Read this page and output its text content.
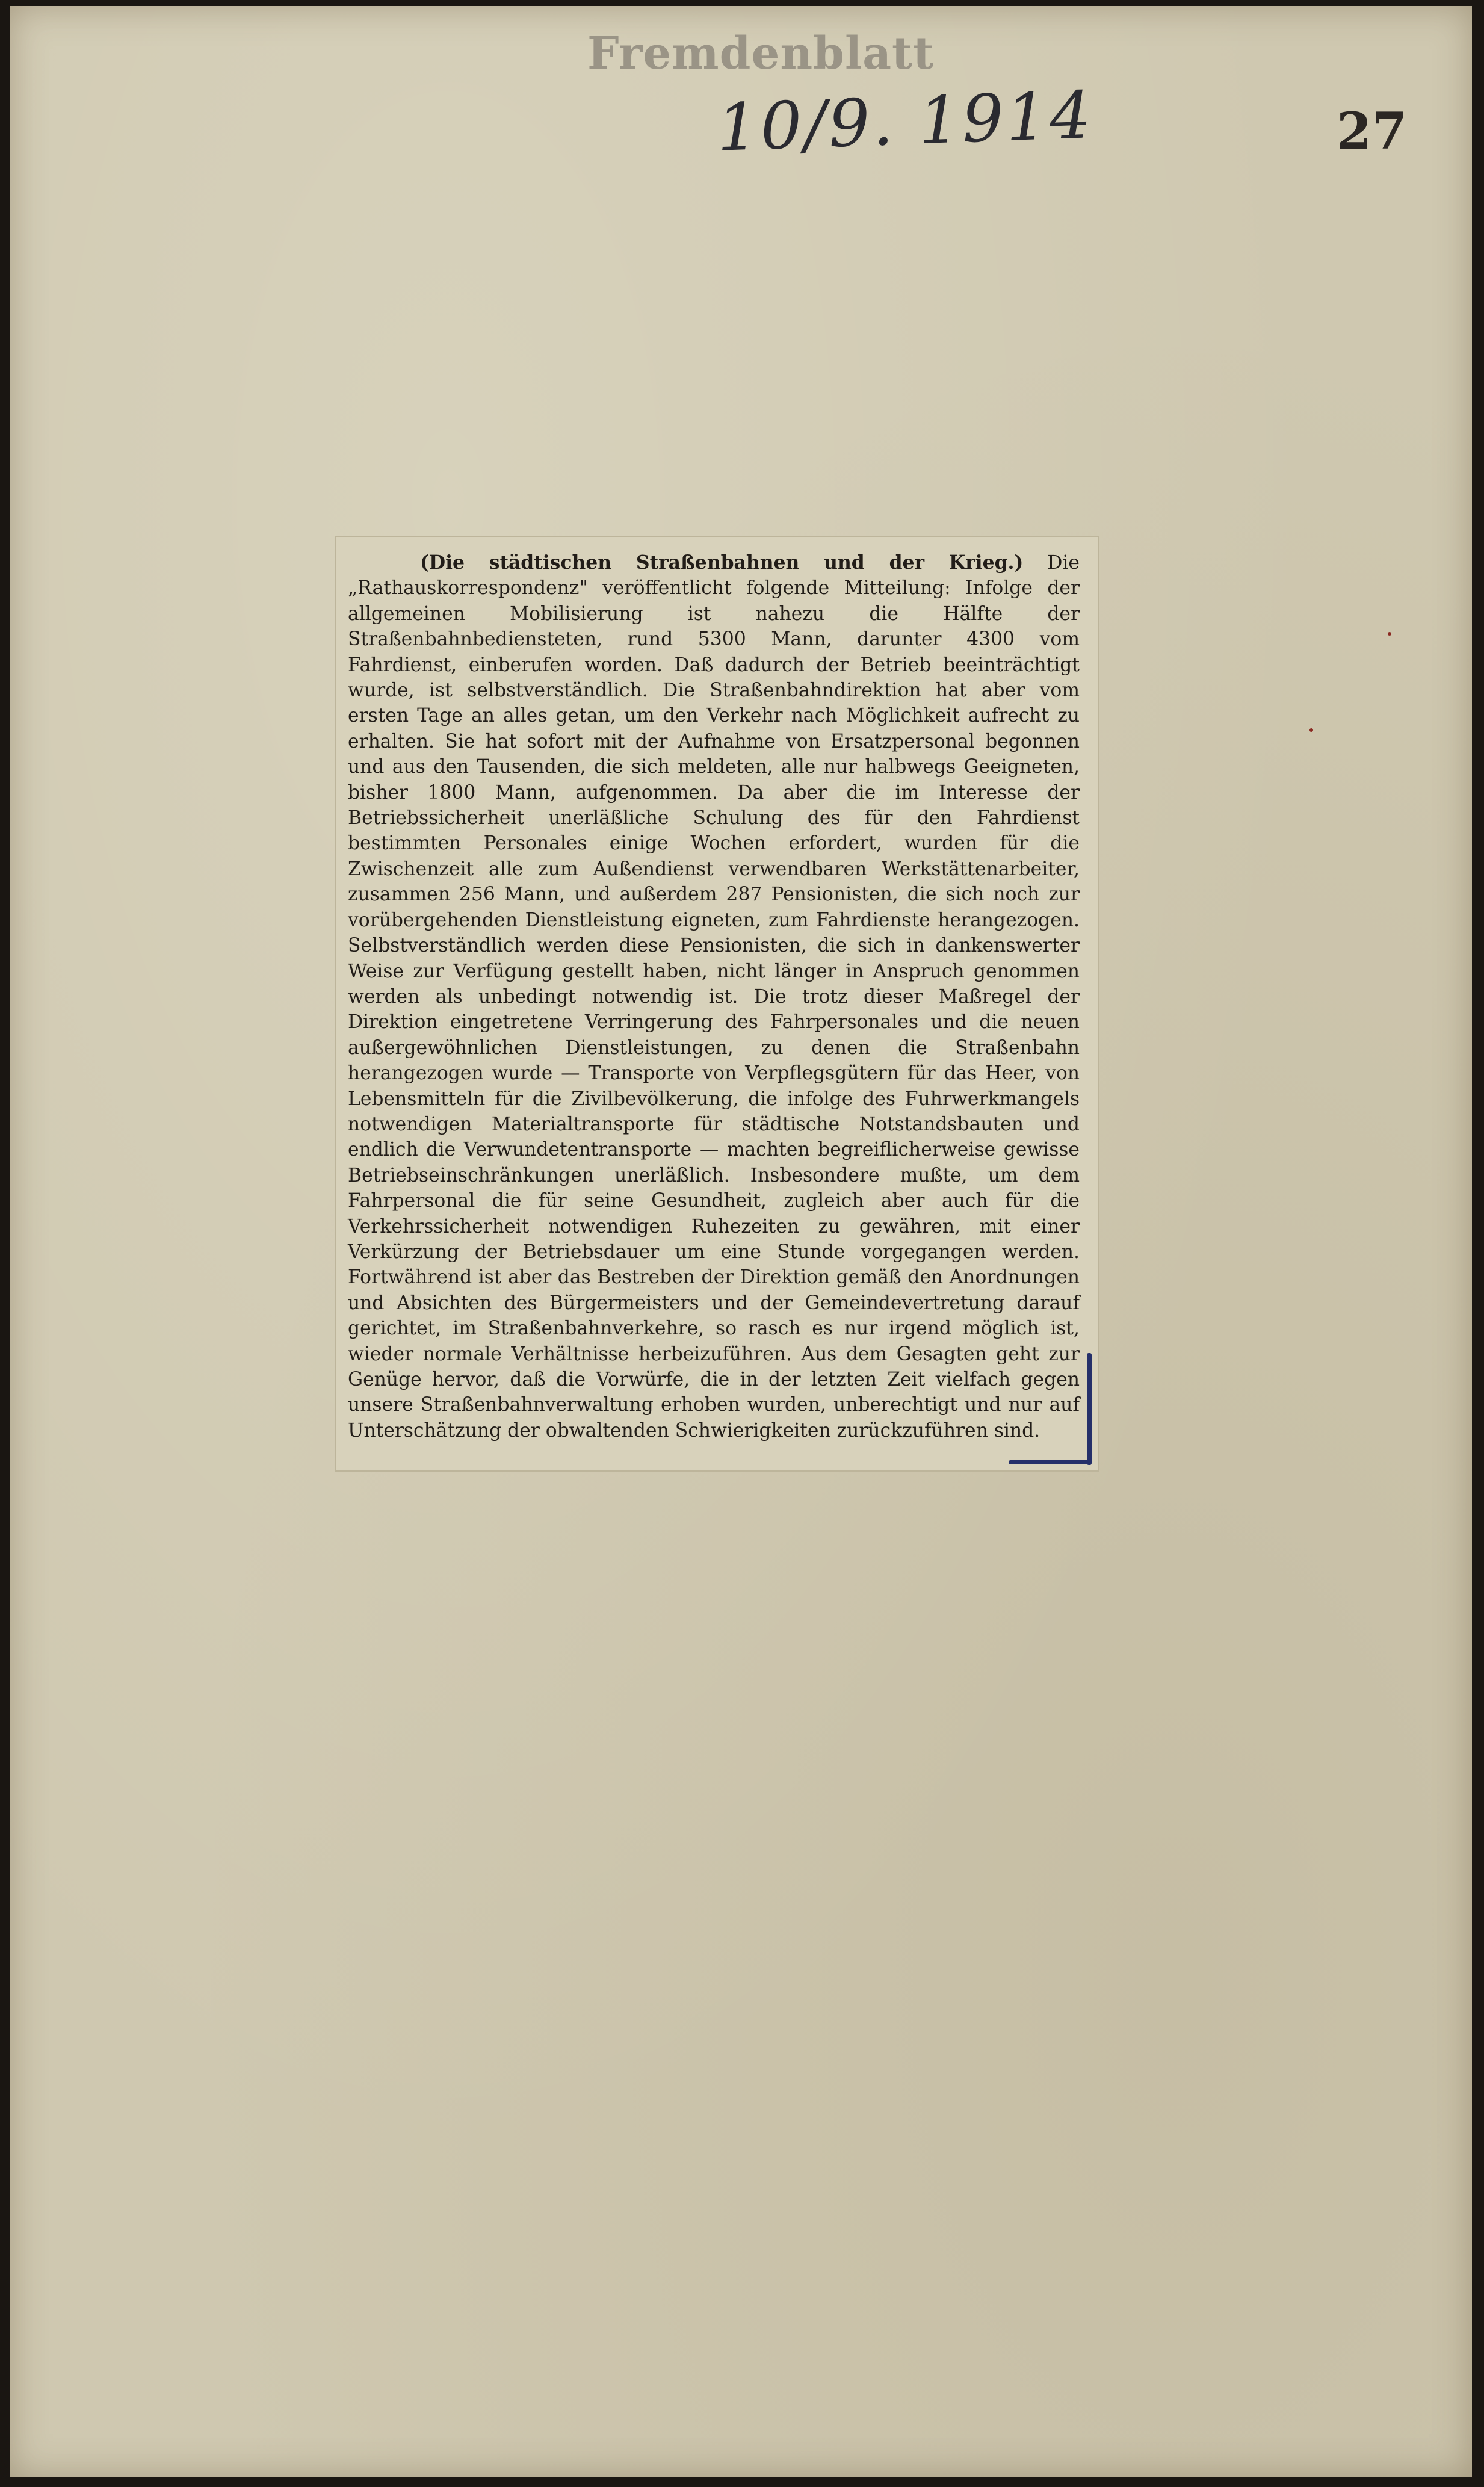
Fremdenblatt
10/9. 1914	27

(Die städtischen Straßenbahnen und der Krieg.) Die „Rathauskorrespondenz" veröffentlicht folgende Mitteilung: Infolge der allgemeinen Mobilisierung ist nahezu die Hälfte der Straßenbahnbediensteten, rund 5300 Mann, darunter 4300 vom Fahrdienst, einberufen worden. Daß dadurch der Betrieb beeinträchtigt wurde, ist selbstverständlich. Die Straßenbahndirektion hat aber vom ersten Tage an alles getan, um den Verkehr nach Möglichkeit aufrecht zu erhalten. Sie hat sofort mit der Aufnahme von Ersatzpersonal begonnen und aus den Tausenden, die sich meldeten, alle nur halbwegs Geeigneten, bisher 1800 Mann, aufgenommen. Da aber die im Interesse der Betriebssicherheit unerläßliche Schulung des für den Fahrdienst bestimmten Personales einige Wochen erfordert, wurden für die Zwischenzeit alle zum Außendienst verwendbaren Werkstättenarbeiter, zusammen 256 Mann, und außerdem 287 Pensionisten, die sich noch zur vorübergehenden Dienstleistung eigneten, zum Fahrdienste herangezogen. Selbstverständlich werden diese Pensionisten, die sich in dankenswerter Weise zur Verfügung gestellt haben, nicht länger in Anspruch genommen werden als unbedingt notwendig ist. Die trotz dieser Maßregel der Direktion eingetretene Verringerung des Fahrpersonales und die neuen außergewöhnlichen Dienstleistungen, zu denen die Straßenbahn herangezogen wurde — Transporte von Verpflegsgütern für das Heer, von Lebensmitteln für die Zivilbevölkerung, die infolge des Fuhrwerkmangels notwendigen Materialtransporte für städtische Notstandsbauten und endlich die Verwundetentransporte — machten begreiflicherweise gewisse Betriebseinschränkungen unerläßlich. Insbesondere mußte, um dem Fahrpersonal die für seine Gesundheit, zugleich aber auch für die Verkehrssicherheit notwendigen Ruhezeiten zu gewähren, mit einer Verkürzung der Betriebsdauer um eine Stunde vorgegangen werden. Fortwährend ist aber das Bestreben der Direktion gemäß den Anordnungen und Absichten des Bürgermeisters und der Gemeindevertretung darauf gerichtet, im Straßenbahnverkehre, so rasch es nur irgend möglich ist, wieder normale Verhältnisse herbeizuführen. Aus dem Gesagten geht zur Genüge hervor, daß die Vorwürfe, die in der letzten Zeit vielfach gegen unsere Straßenbahnverwaltung erhoben wurden, unberechtigt und nur auf Unterschätzung der obwaltenden Schwierigkeiten zurückzuführen sind.
